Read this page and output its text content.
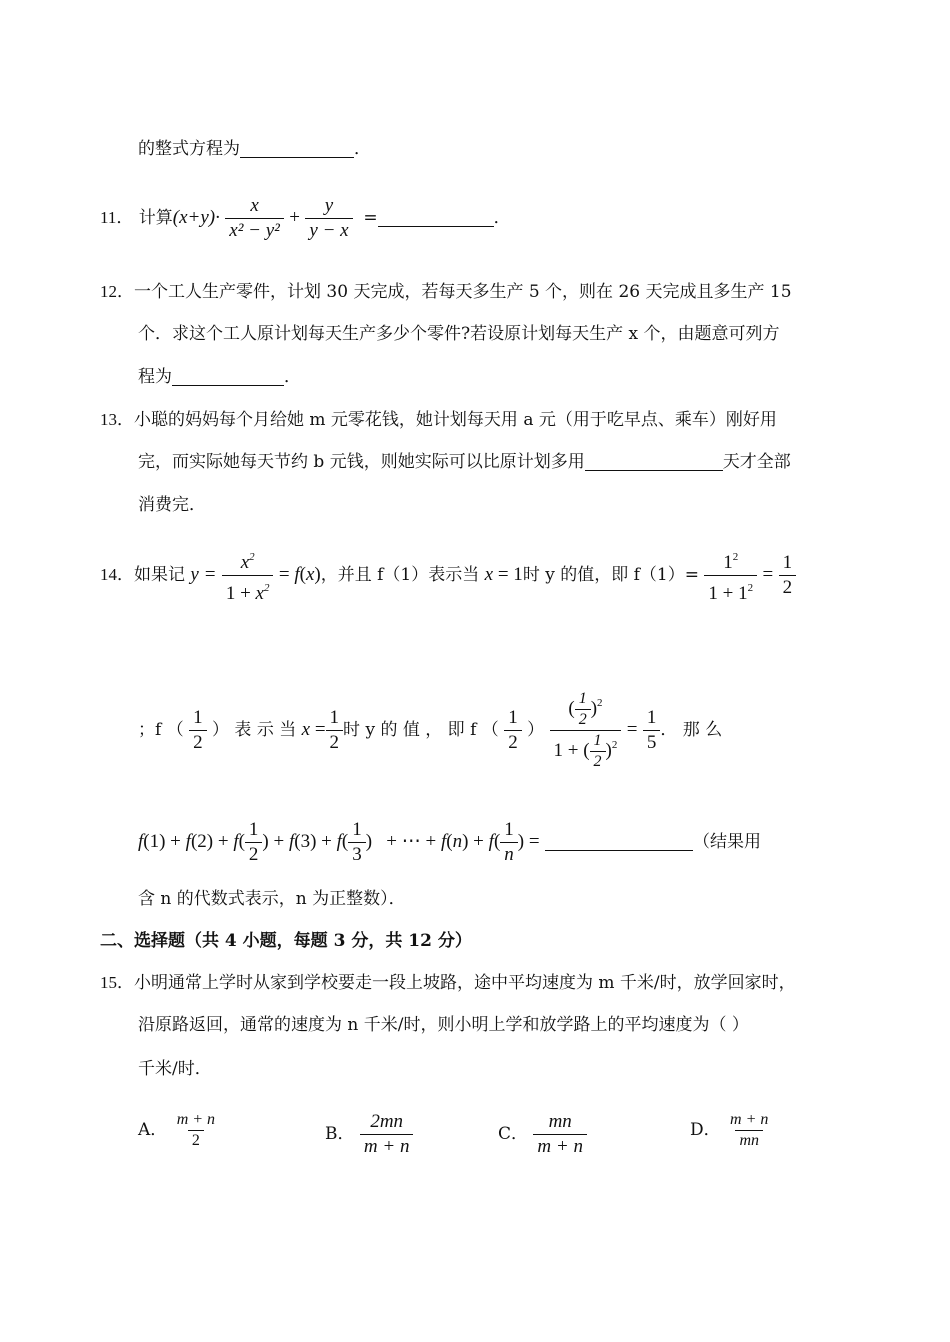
的整式方程为	．
11． 计算$(x+y)\cdot \frac{x}{\text{x² − y²}} + \frac{y}{y - x}$ =	．
12．一个工人生产零件，计划 30 天完成，若每天多生产 5 个，则在 26 天完成且多生产 15
个．求这个工人原计划每天生产多少个零件?若设原计划每天生产 x 个，由题意可列方
程为	．
13．小聪的妈妈每个月给她 m 元零花钱，她计划每天用 a 元（用于吃早点、乘车）刚好用
完，而实际她每天节约 b 元钱，则她实际可以比原计划多用	天才全部
消费完．
14．如果记 $y = \frac{x^2}{1 + x^2} = f(x)$，并且 f（1）表示当 x = 1时 y 的值，即 $f(1)= \frac{1^2}{1 + 1^2} = \frac{1}{2}$
；f （ $\frac{1}{2}$ ） 表 示 当 $x = \frac{1}{2}$ 时 y 的 值 ， 即 f （ $\frac{1}{2}$ ） $\frac{( \frac{1}{2} )^2}{1 + ( \frac{1}{2} )^2} = \frac{1}{5}$ ． 那 么
$f(1) + f(2) + f( \frac{1}{2}$ ) + $f(3) + f( \frac{1}{3}$ )   + ⋯ + $f(n) + f( \frac{1}{n}$ ) =	（结果用
含 n 的代数式表示，n 为正整数）．
二、选择题（共 4 小题，每题 3 分，共 12 分）
15．小明通常上学时从家到学校要走一段上坡路，途中平均速度为 m 千米/时，放学回家时，
沿原路返回，通常的速度为 n 千米/时，则小明上学和放学路上的平均速度为（ ）
千米/时．
A． $\frac{m + n}{2}$	B． $\frac{2mn}{m + n}$	C． $\frac{mn}{m + n}$	D． $\frac{m + n}{mn}$
